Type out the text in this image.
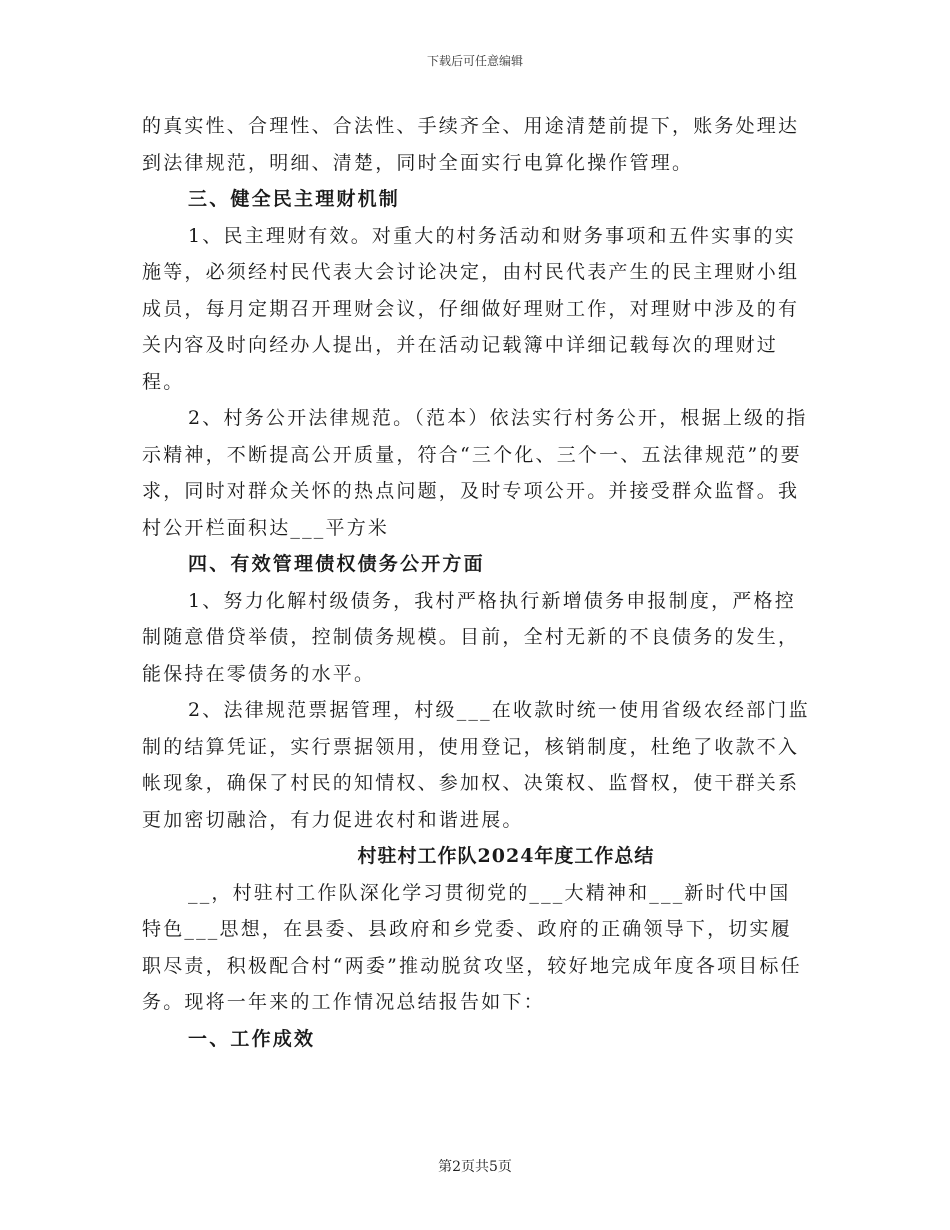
下载后可任意编辑

的真实性、合理性、合法性、手续齐全、用途清楚前提下，账务处理达到法律规范，明细、清楚，同时全面实行电算化操作管理。

三、健全民主理财机制

1、民主理财有效。对重大的村务活动和财务事项和五件实事的实施等，必须经村民代表大会讨论决定，由村民代表产生的民主理财小组成员，每月定期召开理财会议，仔细做好理财工作，对理财中涉及的有关内容及时向经办人提出，并在活动记载簿中详细记载每次的理财过程。

2、村务公开法律规范。（范本）依法实行村务公开，根据上级的指示精神，不断提高公开质量，符合“三个化、三个一、五法律规范”的要求，同时对群众关怀的热点问题，及时专项公开。并接受群众监督。我村公开栏面积达___平方米

四、有效管理债权债务公开方面

1、努力化解村级债务，我村严格执行新增债务申报制度，严格控制随意借贷举债，控制债务规模。目前，全村无新的不良债务的发生，能保持在零债务的水平。

2、法律规范票据管理，村级___在收款时统一使用省级农经部门监制的结算凭证，实行票据领用，使用登记，核销制度，杜绝了收款不入帐现象，确保了村民的知情权、参加权、决策权、监督权，使干群关系更加密切融洽，有力促进农村和谐进展。

村驻村工作队2024年度工作总结

__，村驻村工作队深化学习贯彻党的___大精神和___新时代中国特色___思想，在县委、县政府和乡党委、政府的正确领导下，切实履职尽责，积极配合村“两委”推动脱贫攻坚，较好地完成年度各项目标任务。现将一年来的工作情况总结报告如下：

一、工作成效

第2页共5页
